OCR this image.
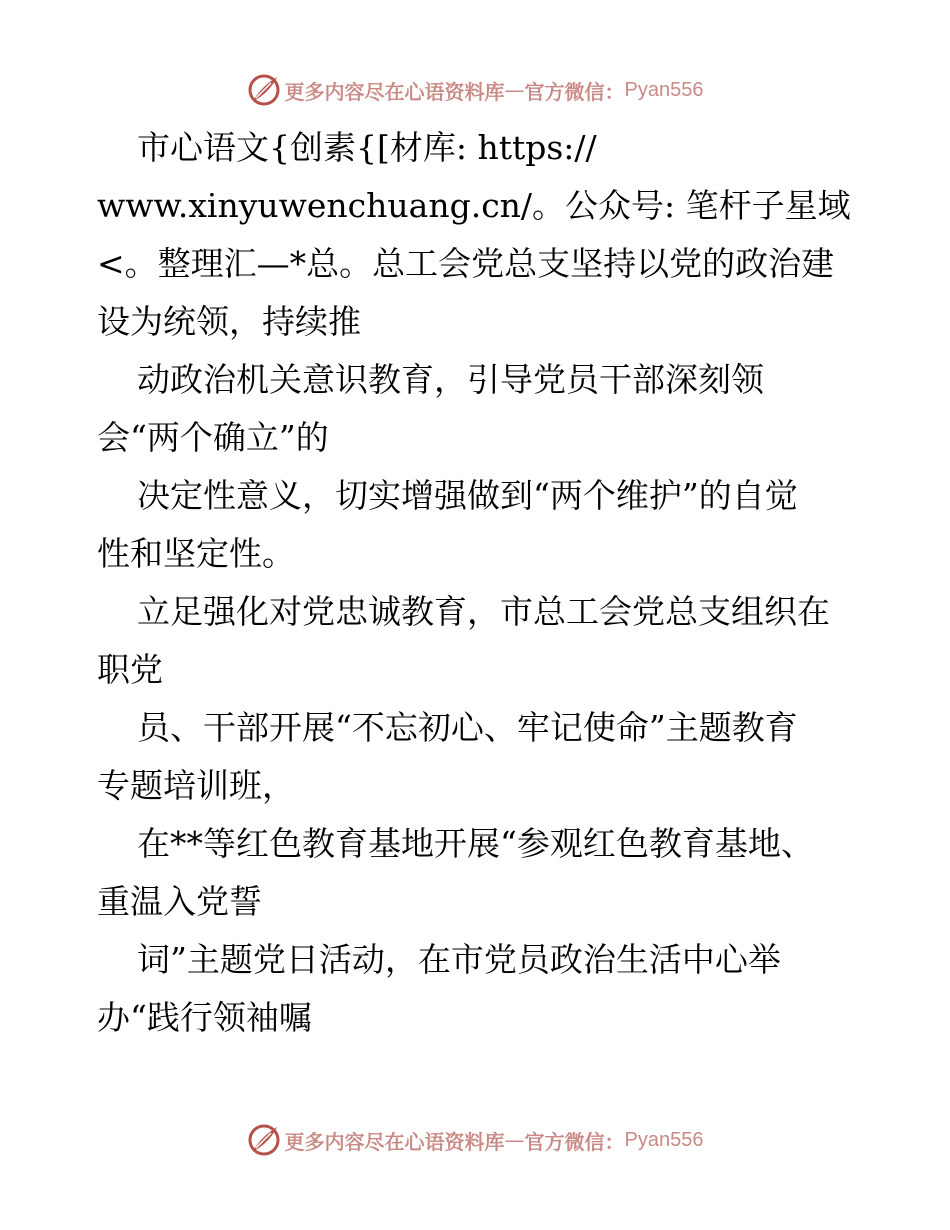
更多内容尽在心语资料库 — 官方微信： Pyan556
市心语文{创素{[材库: https://
www.xinyuwenchuang.cn/。公众号: 笔杆子星域
<。整理汇—*总。总工会党总支坚持以党的政治建
设为统领，持续推
动政治机关意识教育，引导党员干部深刻领
会“两个确立”的
决定性意义，切实增强做到“两个维护”的自觉
性和坚定性。
立足强化对党忠诚教育，市总工会党总支组织在
职党
员、干部开展“不忘初心、牢记使命”主题教育
专题培训班，
在**等红色教育基地开展“参观红色教育基地、
重温入党誓
词”主题党日活动，在市党员政治生活中心举
办“践行领袖嘱
更多内容尽在心语资料库 — 官方微信： Pyan556
